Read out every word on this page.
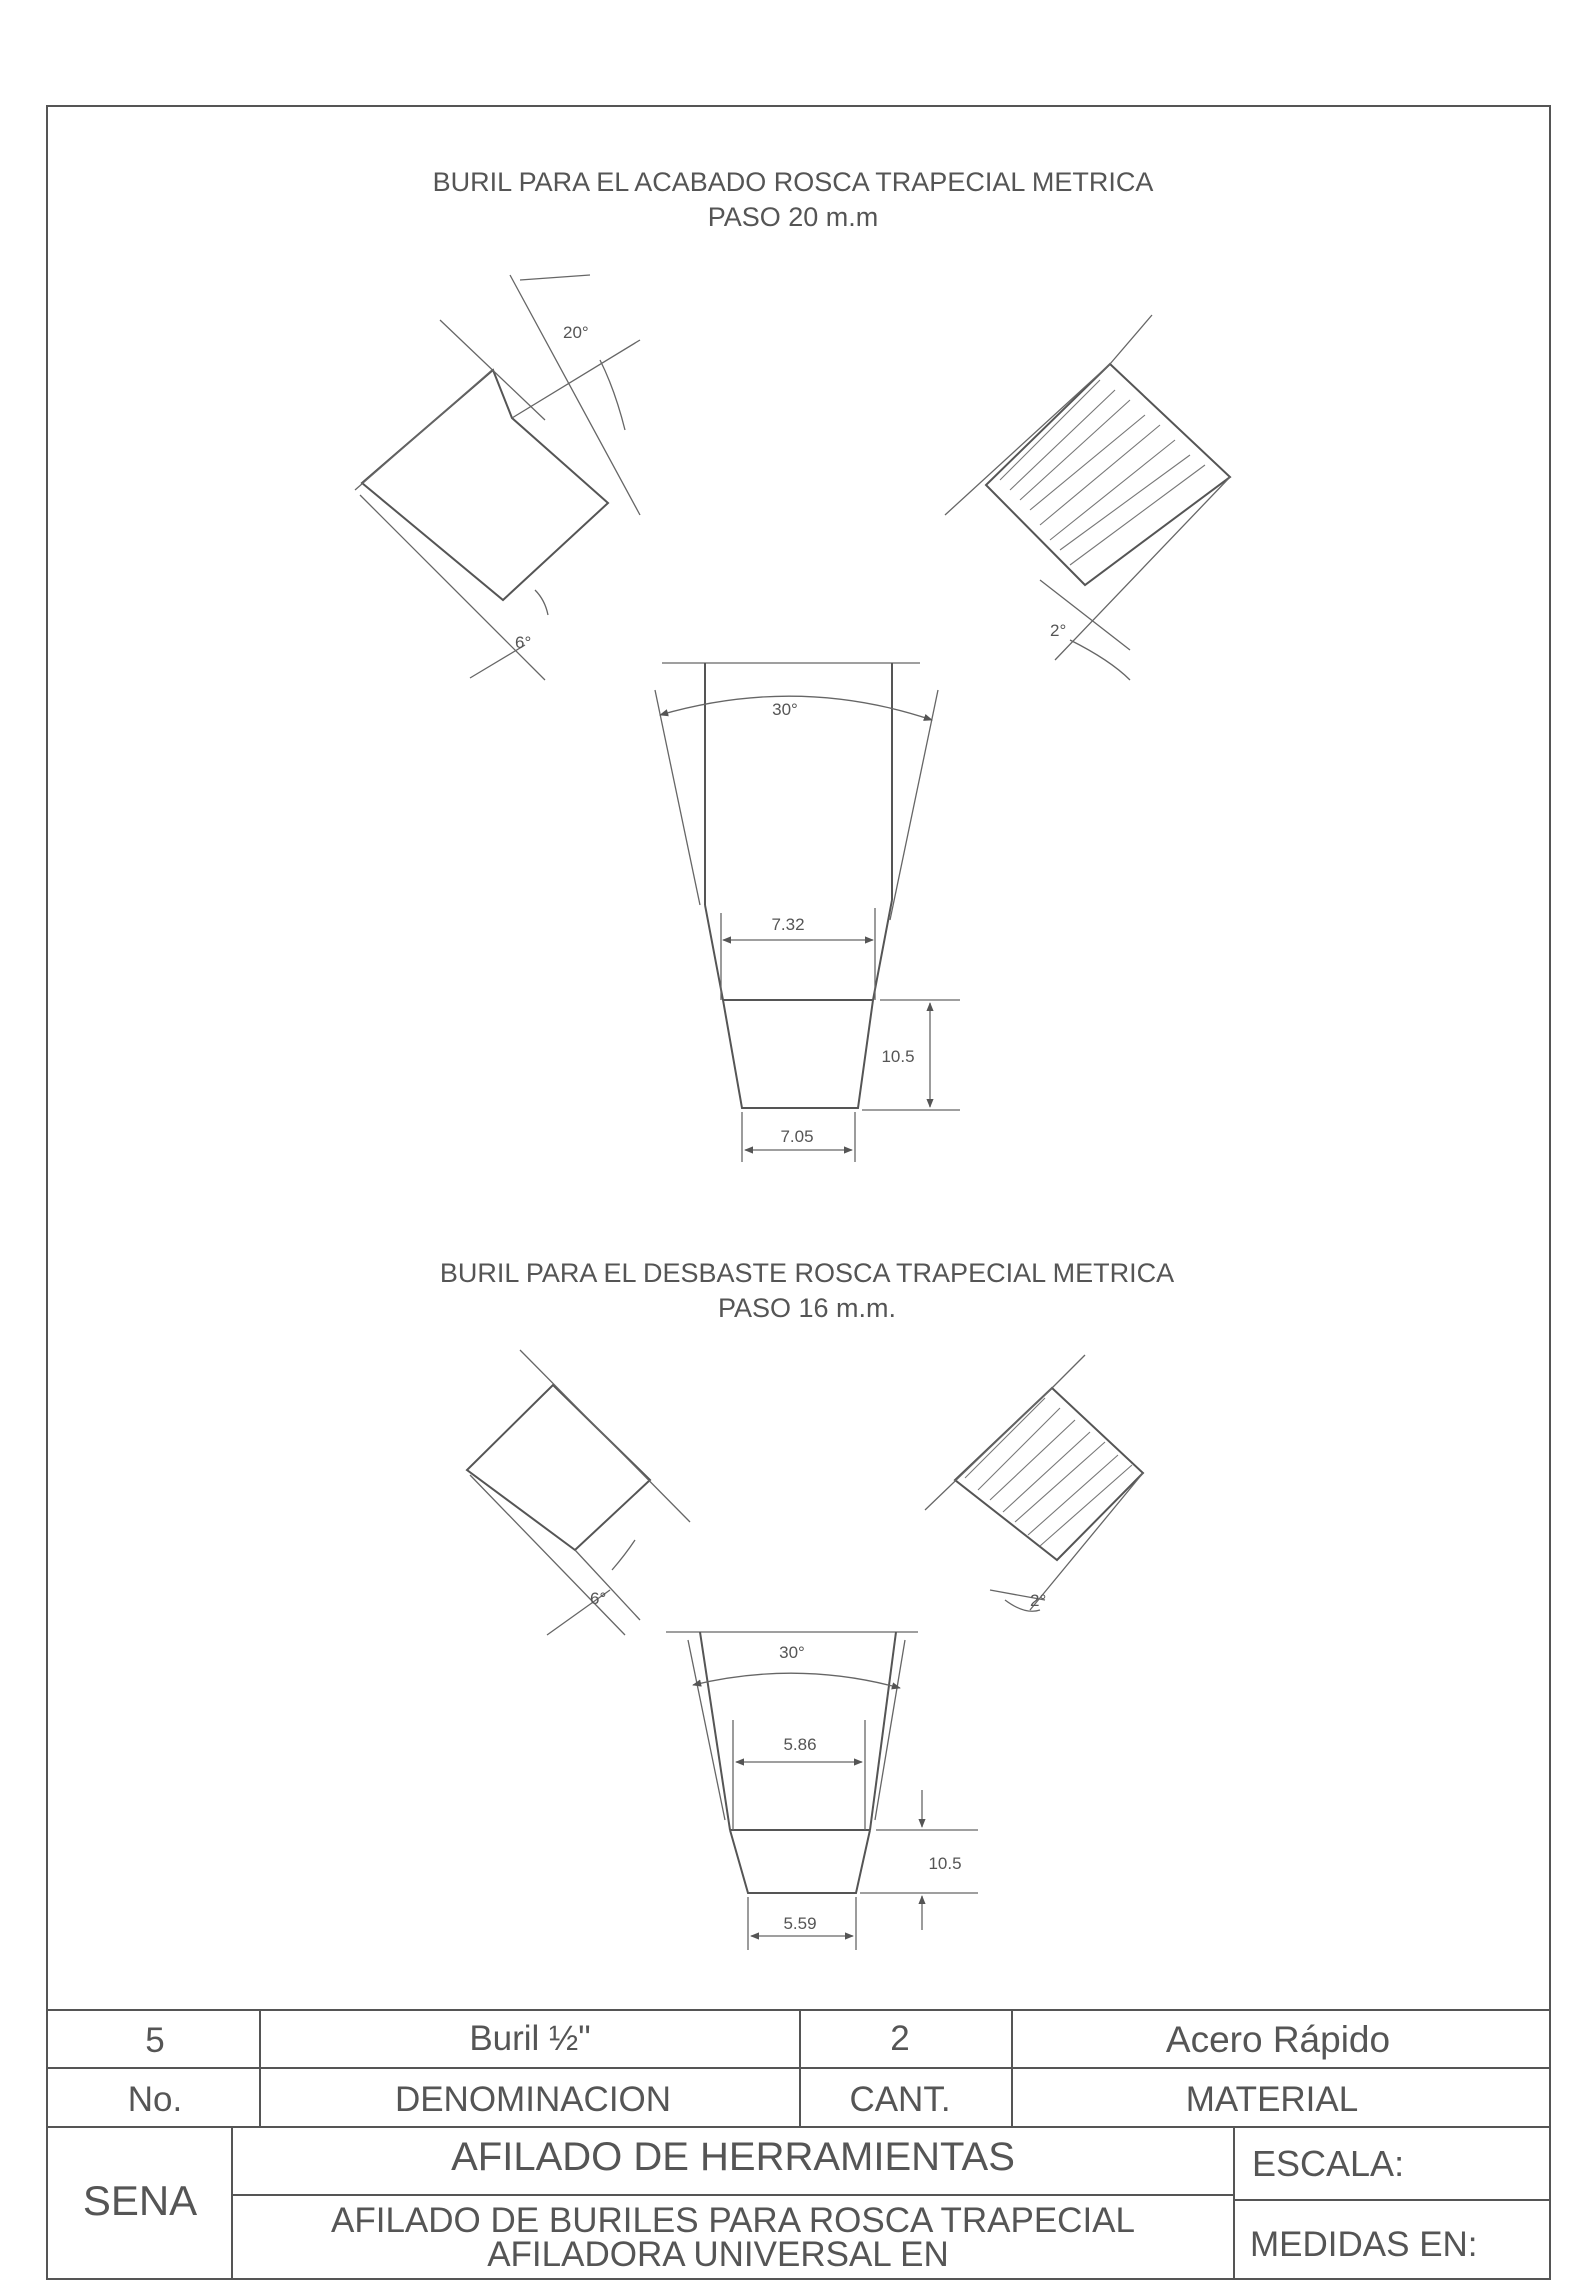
BURIL PARA EL ACABADO ROSCA TRAPECIAL METRICA
PASO 20 m.m
20°
6°
2°
30°
7.32
10.5
7.05
BURIL PARA EL DESBASTE ROSCA TRAPECIAL METRICA
PASO 16 m.m.
6°	2°
30°
5.86
10.5
5.59
5	Buril ½"	2	Acero Rápido
No.	DENOMINACION	CANT.	MATERIAL
SENA
AFILADO DE HERRAMIENTAS
AFILADO DE BURILES PARA ROSCA TRAPECIAL
AFILADORA UNIVERSAL EN
ESCALA:
MEDIDAS EN:
